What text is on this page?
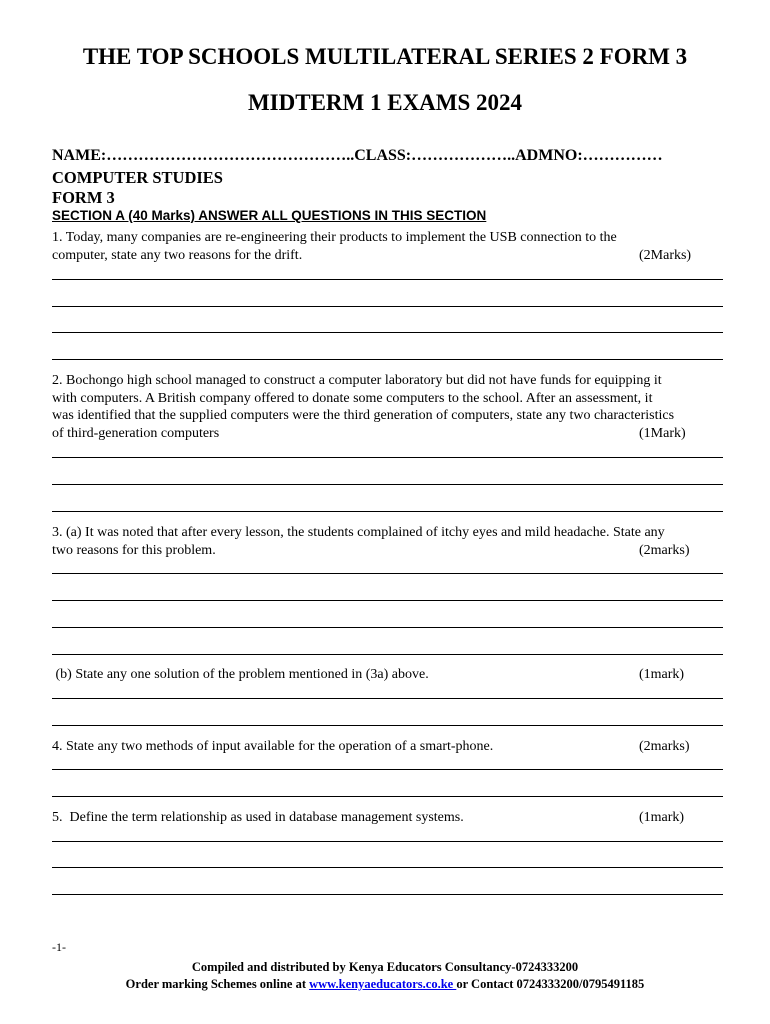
THE TOP SCHOOLS MULTILATERAL SERIES 2 FORM 3
MIDTERM 1 EXAMS 2024
NAME:………………………………………..CLASS:………………..ADMNO:……………
COMPUTER STUDIES
FORM 3
SECTION A (40 Marks) ANSWER ALL QUESTIONS IN THIS SECTION
1. Today, many companies are re-engineering their products to implement the USB connection to the
computer, state any two reasons for the drift.	(2Marks)
2. Bochongo high school managed to construct a computer laboratory but did not have funds for equipping it
with computers. A British company offered to donate some computers to the school. After an assessment, it
was identified that the supplied computers were the third generation of computers, state any two characteristics
of third-generation computers	(1Mark)
3. (a) It was noted that after every lesson, the students complained of itchy eyes and mild headache. State any
two reasons for this problem.	(2marks)
(b) State any one solution of the problem mentioned in (3a) above.	(1mark)
4. State any two methods of input available for the operation of a smart-phone.	(2marks)
5.  Define the term relationship as used in database management systems.	(1mark)
-1-
Compiled and distributed by Kenya Educators Consultancy-0724333200
Order marking Schemes online at www.kenyaeducators.co.ke or Contact 0724333200/0795491185
